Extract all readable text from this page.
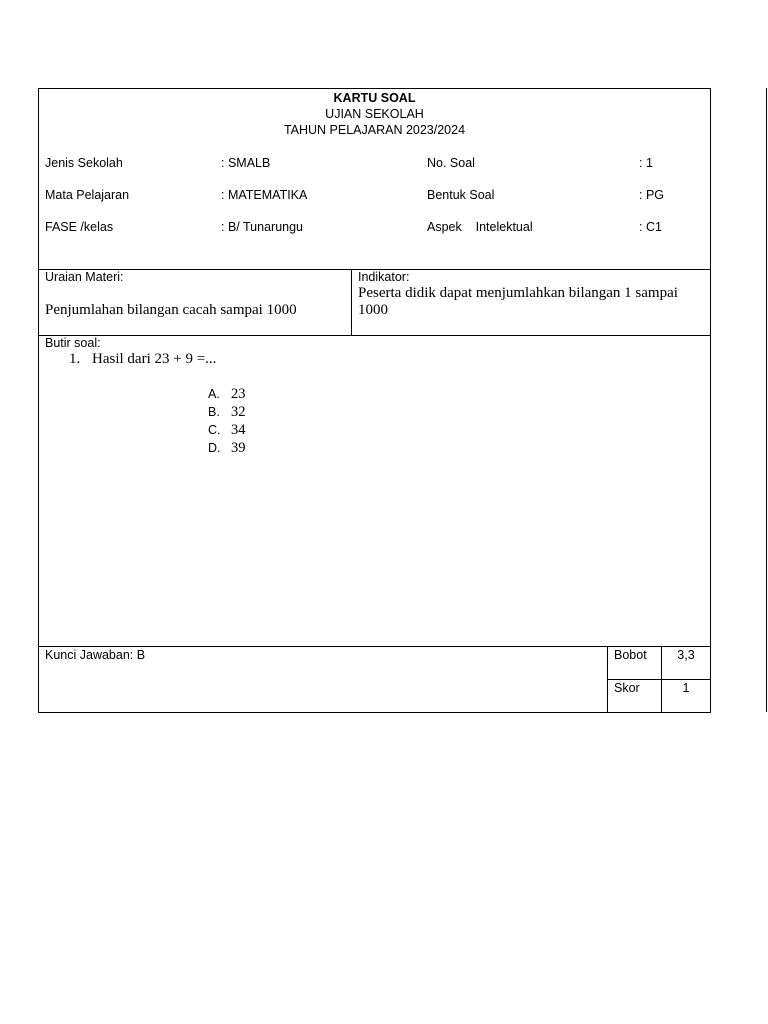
KARTU SOAL
UJIAN SEKOLAH
TAHUN PELAJARAN 2023/2024
Jenis Sekolah	: SMALB	No. Soal	: 1
Mata Pelajaran	: MATEMATIKA	Bentuk Soal	: PG
FASE /kelas	: B/ Tunarungu	Aspek    Intelektual	: C1
Uraian Materi:
Penjumlahan bilangan cacah sampai 1000
Indikator:
Peserta didik dapat menjumlahkan bilangan 1 sampai
1000
Butir soal:
1. Hasil dari 23 + 9 =...
A. 23
B. 32
C. 34
D. 39
Kunci Jawaban: B	Bobot	3,3
Skor	1
